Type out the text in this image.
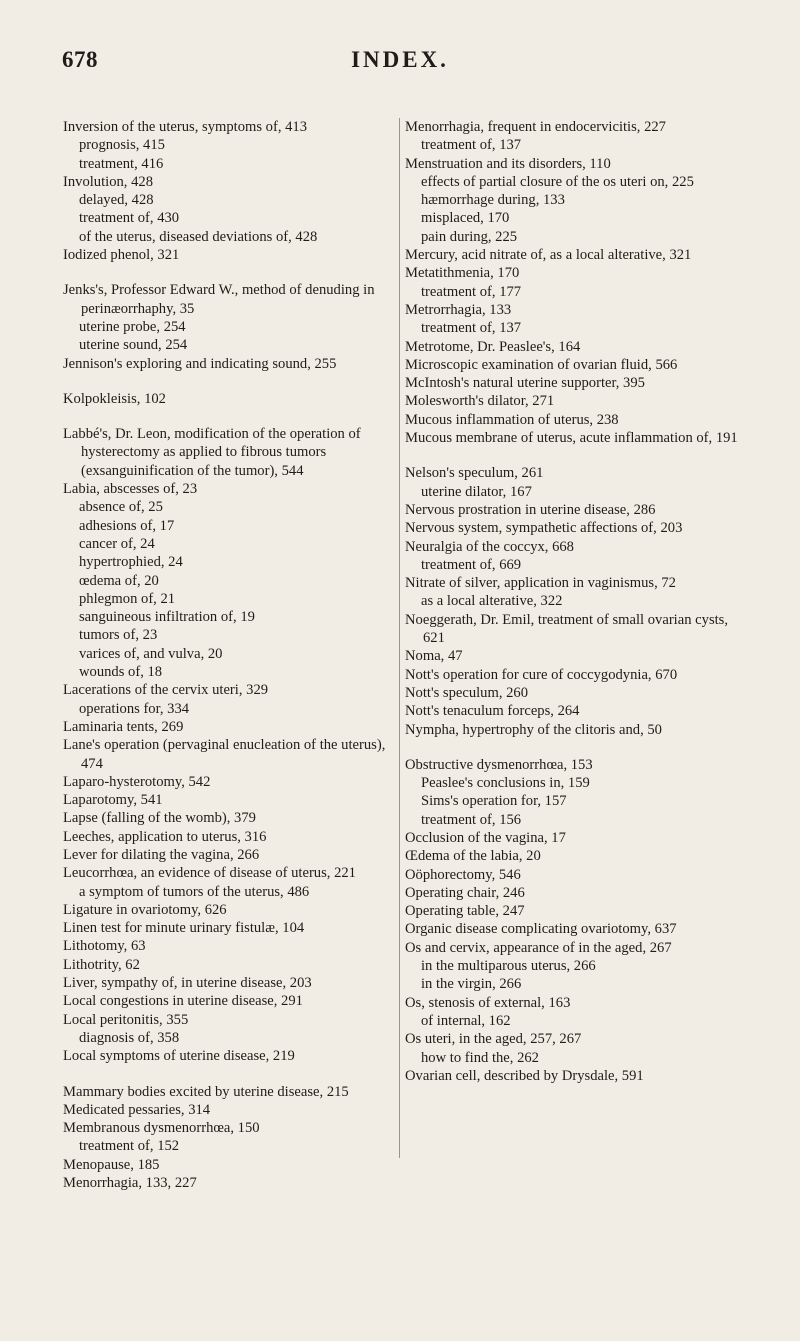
678	INDEX.

Inversion of the uterus, symptoms of, 413

prognosis, 415

treatment, 416

Involution, 428

delayed, 428

treatment of, 430

of the uterus, diseased deviations of, 428

Iodized phenol, 321

Jenks's, Professor Edward W., method of denuding in perinæorrhaphy, 35

uterine probe, 254

uterine sound, 254

Jennison's exploring and indicating sound, 255

Kolpokleisis, 102

Labbé's, Dr. Leon, modification of the operation of hysterectomy as applied to fibrous tumors (exsanguinification of the tumor), 544

Labia, abscesses of, 23

absence of, 25

adhesions of, 17

cancer of, 24

hypertrophied, 24

œdema of, 20

phlegmon of, 21

sanguineous infiltration of, 19

tumors of, 23

varices of, and vulva, 20

wounds of, 18

Lacerations of the cervix uteri, 329

operations for, 334

Laminaria tents, 269

Lane's operation (pervaginal enucleation of the uterus), 474

Laparo-hysterotomy, 542

Laparotomy, 541

Lapse (falling of the womb), 379

Leeches, application to uterus, 316

Lever for dilating the vagina, 266

Leucorrhœa, an evidence of disease of uterus, 221

a symptom of tumors of the uterus, 486

Ligature in ovariotomy, 626

Linen test for minute urinary fistulæ, 104

Lithotomy, 63

Lithotrity, 62

Liver, sympathy of, in uterine disease, 203

Local congestions in uterine disease, 291

Local peritonitis, 355

diagnosis of, 358

Local symptoms of uterine disease, 219

Mammary bodies excited by uterine disease, 215

Medicated pessaries, 314

Membranous dysmenorrhœa, 150

treatment of, 152

Menopause, 185

Menorrhagia, 133, 227

Menorrhagia, frequent in endocervicitis, 227

treatment of, 137

Menstruation and its disorders, 110

effects of partial closure of the os uteri on, 225

hæmorrhage during, 133

misplaced, 170

pain during, 225

Mercury, acid nitrate of, as a local alterative, 321

Metatithmenia, 170

treatment of, 177

Metrorrhagia, 133

treatment of, 137

Metrotome, Dr. Peaslee's, 164

Microscopic examination of ovarian fluid, 566

McIntosh's natural uterine supporter, 395

Molesworth's dilator, 271

Mucous inflammation of uterus, 238

Mucous membrane of uterus, acute inflammation of, 191

Nelson's speculum, 261

uterine dilator, 167

Nervous prostration in uterine disease, 286

Nervous system, sympathetic affections of, 203

Neuralgia of the coccyx, 668

treatment of, 669

Nitrate of silver, application in vaginismus, 72

as a local alterative, 322

Noeggerath, Dr. Emil, treatment of small ovarian cysts, 621

Noma, 47

Nott's operation for cure of coccygodynia, 670

Nott's speculum, 260

Nott's tenaculum forceps, 264

Nympha, hypertrophy of the clitoris and, 50

Obstructive dysmenorrhœa, 153

Peaslee's conclusions in, 159

Sims's operation for, 157

treatment of, 156

Occlusion of the vagina, 17

Œdema of the labia, 20

Oöphorectomy, 546

Operating chair, 246

Operating table, 247

Organic disease complicating ovariotomy, 637

Os and cervix, appearance of in the aged, 267

in the multiparous uterus, 266

in the virgin, 266

Os, stenosis of external, 163

of internal, 162

Os uteri, in the aged, 257, 267

how to find the, 262

Ovarian cell, described by Drysdale, 591
